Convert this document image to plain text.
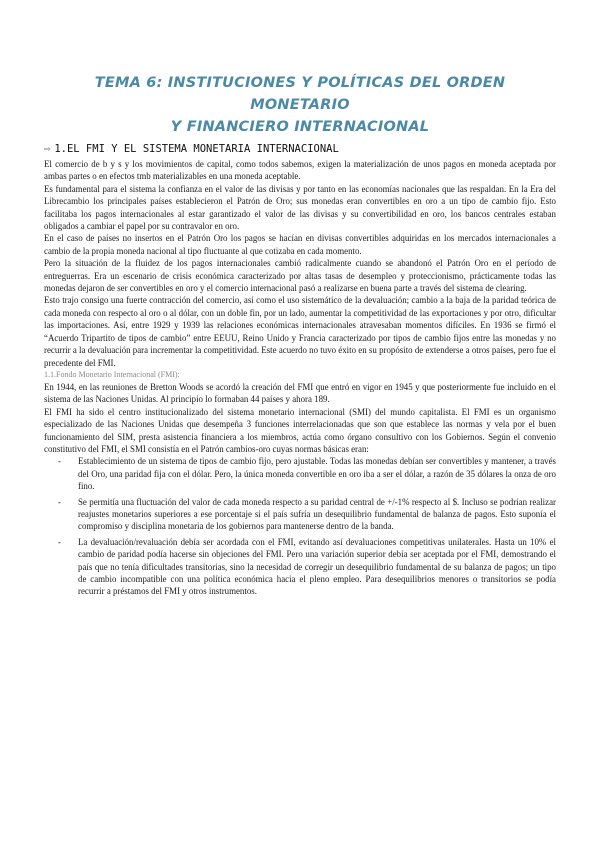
TEMA 6: INSTITUCIONES Y POLÍTICAS DEL ORDEN MONETARIO
Y FINANCIERO INTERNACIONAL
⇨ 1.EL FMI Y EL SISTEMA MONETARIA INTERNACIONAL

El comercio de b y s y los movimientos de capital, como todos sabemos, exigen la materialización de unos pagos en moneda aceptada por ambas partes o en efectos tmb materializables en una moneda aceptable.

Es fundamental para el sistema la confianza en el valor de las divisas y por tanto en las economías nacionales que las respaldan. En la Era del Librecambio los principales países establecieron el Patrón de Oro; sus monedas eran convertibles en oro a un tipo de cambio fijo. Esto facilitaba los pagos internacionales al estar garantizado el valor de las divisas y su convertibilidad en oro, los bancos centrales estaban obligados a cambiar el papel por su contravalor en oro.

En el caso de países no insertos en el Patrón Oro los pagos se hacían en divisas convertibles adquiridas en los mercados internacionales a cambio de la propia moneda nacional al tipo fluctuante al que cotizaba en cada momento.

Pero la situación de la fluidez de los pagos internacionales cambió radicalmente cuando se abandonó el Patrón Oro en el período de entreguerras. Era un escenario de crisis económica caracterizado por altas tasas de desempleo y proteccionismo, prácticamente todas las monedas dejaron de ser convertibles en oro y el comercio internacional pasó a realizarse en buena parte a través del sistema de clearing.

Esto trajo consigo una fuerte contracción del comercio, así como el uso sistemático de la devaluación; cambio a la baja de la paridad teórica de cada moneda con respecto al oro o al dólar, con un doble fin, por un lado, aumentar la competitividad de las exportaciones y por otro, dificultar las importaciones. Así, entre 1929 y 1939 las relaciones económicas internacionales atravesaban momentos difíciles. En 1936 se firmó el “Acuerdo Tripartito de tipos de cambio” entre EEUU, Reino Unido y Francia caracterizado por tipos de cambio fijos entre las monedas y no recurrir a la devaluación para incrementar la competitividad. Este acuerdo no tuvo éxito en su propósito de extenderse a otros países, pero fue el precedente del FMI.

1.1.Fondo Monetario Internacional (FMI):

En 1944, en las reuniones de Bretton Woods se acordó la creación del FMI que entró en vigor en 1945 y que posteriormente fue incluido en el sistema de las Naciones Unidas. Al principio lo formaban 44 países y ahora 189.

El FMI ha sido el centro institucionalizado del sistema monetario internacional (SMI) del mundo capitalista. El FMI es un organismo especializado de las Naciones Unidas que desempeña 3 funciones interrelacionadas que son que establece las normas y vela por el buen funcionamiento del SIM, presta asistencia financiera a los miembros, actúa como órgano consultivo con los Gobiernos. Según el convenio constitutivo del FMI, el SMI consistía en el Patrón cambios-oro cuyas normas básicas eran:

- Establecimiento de un sistema de tipos de cambio fijo, pero ajustable. Todas las monedas debían ser convertibles y mantener, a través del Oro, una paridad fija con el dólar. Pero, la única moneda convertible en oro iba a ser el dólar, a razón de 35 dólares la onza de oro fino.
- Se permitía una fluctuación del valor de cada moneda respecto a su paridad central de +/-1% respecto al $. Incluso se podrían realizar reajustes monetarios superiores a ese porcentaje si el país sufría un desequilibrio fundamental de balanza de pagos. Esto suponía el compromiso y disciplina monetaria de los gobiernos para mantenerse dentro de la banda.
- La devaluación/revaluación debía ser acordada con el FMI, evitando así devaluaciones competitivas unilaterales. Hasta un 10% el cambio de paridad podía hacerse sin objeciones del FMI. Pero una variación superior debía ser aceptada por el FMI, demostrando el país que no tenía dificultades transitorias, sino la necesidad de corregir un desequilibrio fundamental de su balanza de pagos; un tipo de cambio incompatible con una política económica hacia el pleno empleo. Para desequilibrios menores o transitorios se podía recurrir a préstamos del FMI y otros instrumentos.
